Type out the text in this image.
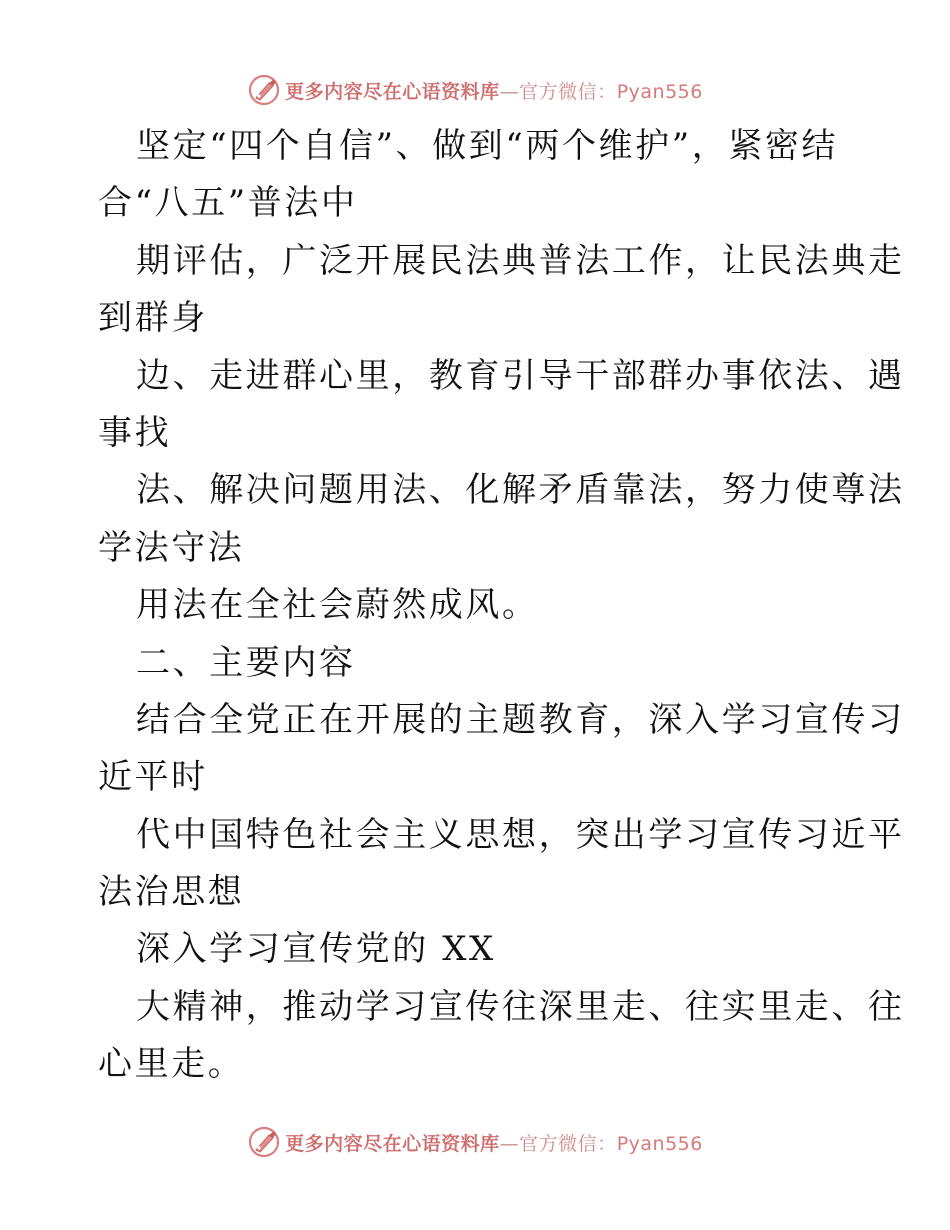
更多内容尽在心语资料库—官方微信：Pyan556
坚定“四个自信”、做到“两个维护”，紧密结
合“八五”普法中
期评估，广泛开展民法典普法工作，让民法典走
到群身
边、走进群心里，教育引导干部群办事依法、遇
事找
法、解决问题用法、化解矛盾靠法，努力使尊法
学法守法
用法在全社会蔚然成风。
二、主要内容
结合全党正在开展的主题教育，深入学习宣传习
近平时
代中国特色社会主义思想，突出学习宣传习近平
法治思想
深入学习宣传党的 XX
大精神，推动学习宣传往深里走、往实里走、往
心里走。
更多内容尽在心语资料库—官方微信：Pyan556
